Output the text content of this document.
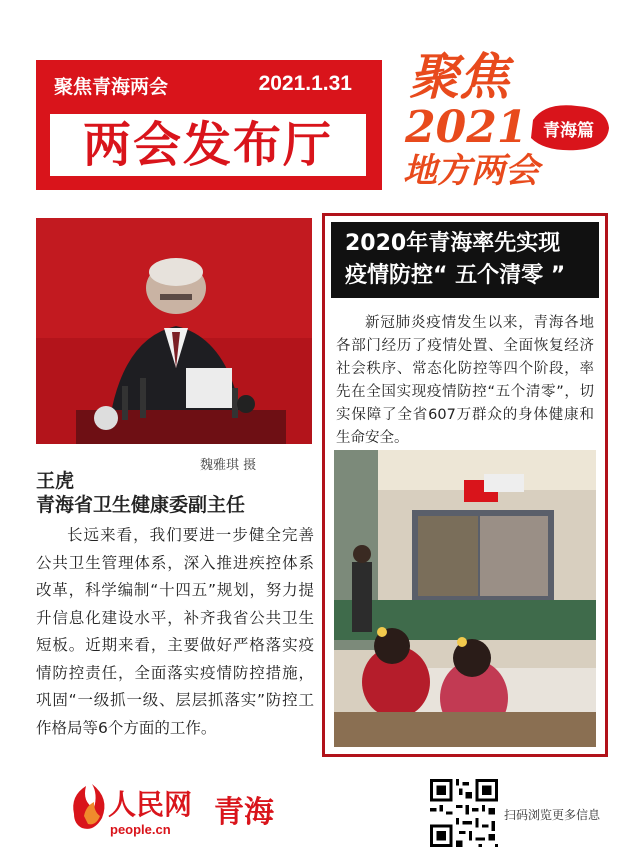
聚焦青海两会	2021.1.31
两会发布厅
聚焦
2021
地方两会
青海篇
魏雅琪 摄
王虎
青海省卫生健康委副主任
长远来看，我们要进一步健全完善公共卫生管理体系，深入推进疾控体系改革，科学编制“十四五”规划，努力提升信息化建设水平，补齐我省公共卫生短板。近期来看，主要做好严格落实疫情防控责任，全面落实疫情防控措施，巩固“一级抓一级、层层抓落实”防控工作格局等6个方面的工作。
2020年青海率先实现
疫情防控“ 五个清零 ”
新冠肺炎疫情发生以来，青海各地各部门经历了疫情处置、全面恢复经济社会秩序、常态化防控等四个阶段，率先在全国实现疫情防控“五个清零”，切实保障了全省607万群众的身体健康和生命安全。
人民网
people.cn 青海	扫码浏览更多信息
